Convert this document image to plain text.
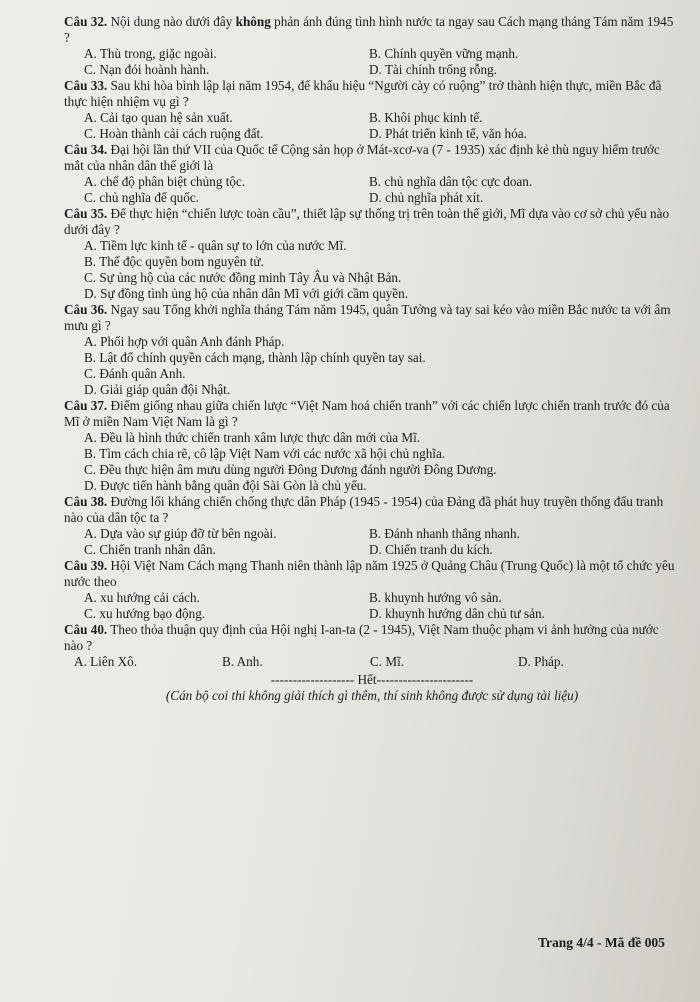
Câu 32. Nội dung nào dưới đây không phản ánh đúng tình hình nước ta ngay sau Cách mạng tháng Tám năm 1945 ?

A. Thù trong, giặc ngoài.	B. Chính quyền vững mạnh.
C. Nạn đói hoành hành.	D. Tài chính trống rỗng.

Câu 33. Sau khi hòa bình lập lại năm 1954, để khẩu hiệu “Người cày có ruộng” trở thành hiện thực, miền Bắc đã thực hiện nhiệm vụ gì ?

A. Cải tạo quan hệ sản xuất.	B. Khôi phục kinh tế.
C. Hoàn thành cải cách ruộng đất.	D. Phát triển kinh tế, văn hóa.

Câu 34. Đại hội lần thứ VII của Quốc tế Cộng sản họp ở Mát-xcơ-va (7 - 1935) xác định kẻ thù nguy hiểm trước mắt của nhân dân thế giới là

A. chế độ phân biệt chủng tộc.	B. chủ nghĩa dân tộc cực đoan.
C. chủ nghĩa đế quốc.	D. chủ nghĩa phát xít.

Câu 35. Để thực hiện “chiến lược toàn cầu”, thiết lập sự thống trị trên toàn thế giới, Mĩ dựa vào cơ sở chủ yếu nào dưới đây ?

A. Tiềm lực kinh tế - quân sự to lớn của nước Mĩ.
B. Thế độc quyền bom nguyên tử.
C. Sự ủng hộ của các nước đồng minh Tây Âu và Nhật Bản.
D. Sự đồng tình ủng hộ của nhân dân Mĩ với giới cầm quyền.

Câu 36. Ngay sau Tổng khởi nghĩa tháng Tám năm 1945, quân Tưởng và tay sai kéo vào miền Bắc nước ta với âm mưu gì ?

A. Phối hợp với quân Anh đánh Pháp.
B. Lật đổ chính quyền cách mạng, thành lập chính quyền tay sai.
C. Đánh quân Anh.
D. Giải giáp quân đội Nhật.

Câu 37. Điểm giống nhau giữa chiến lược “Việt Nam hoá chiến tranh” với các chiến lược chiến tranh trước đó của Mĩ ở miền Nam Việt Nam là gì ?

A. Đều là hình thức chiến tranh xâm lược thực dân mới của Mĩ.
B. Tìm cách chia rẽ, cô lập Việt Nam với các nước xã hội chủ nghĩa.
C. Đều thực hiện âm mưu dùng người Đông Dương đánh người Đông Dương.
D. Được tiến hành bằng quân đội Sài Gòn là chủ yếu.

Câu 38. Đường lối kháng chiến chống thực dân Pháp (1945 - 1954) của Đảng đã phát huy truyền thống đấu tranh nào của dân tộc ta ?

A. Dựa vào sự giúp đỡ từ bên ngoài.	B. Đánh nhanh thắng nhanh.
C. Chiến tranh nhân dân.	D. Chiến tranh du kích.

Câu 39. Hội Việt Nam Cách mạng Thanh niên thành lập năm 1925 ở Quảng Châu (Trung Quốc) là một tổ chức yêu nước theo

A. xu hướng cải cách.	B. khuynh hướng vô sản.
C. xu hướng bạo động.	D. khuynh hướng dân chủ tư sản.

Câu 40. Theo thỏa thuận quy định của Hội nghị I-an-ta (2 - 1945), Việt Nam thuộc phạm vi ảnh hưởng của nước nào ?

A. Liên Xô.	B. Anh.	C. Mĩ.	D. Pháp.
------------------- Hết----------------------
(Cán bộ coi thi không giải thích gì thêm, thí sinh không được sử dụng tài liệu)
Trang 4/4 - Mã đề 005
